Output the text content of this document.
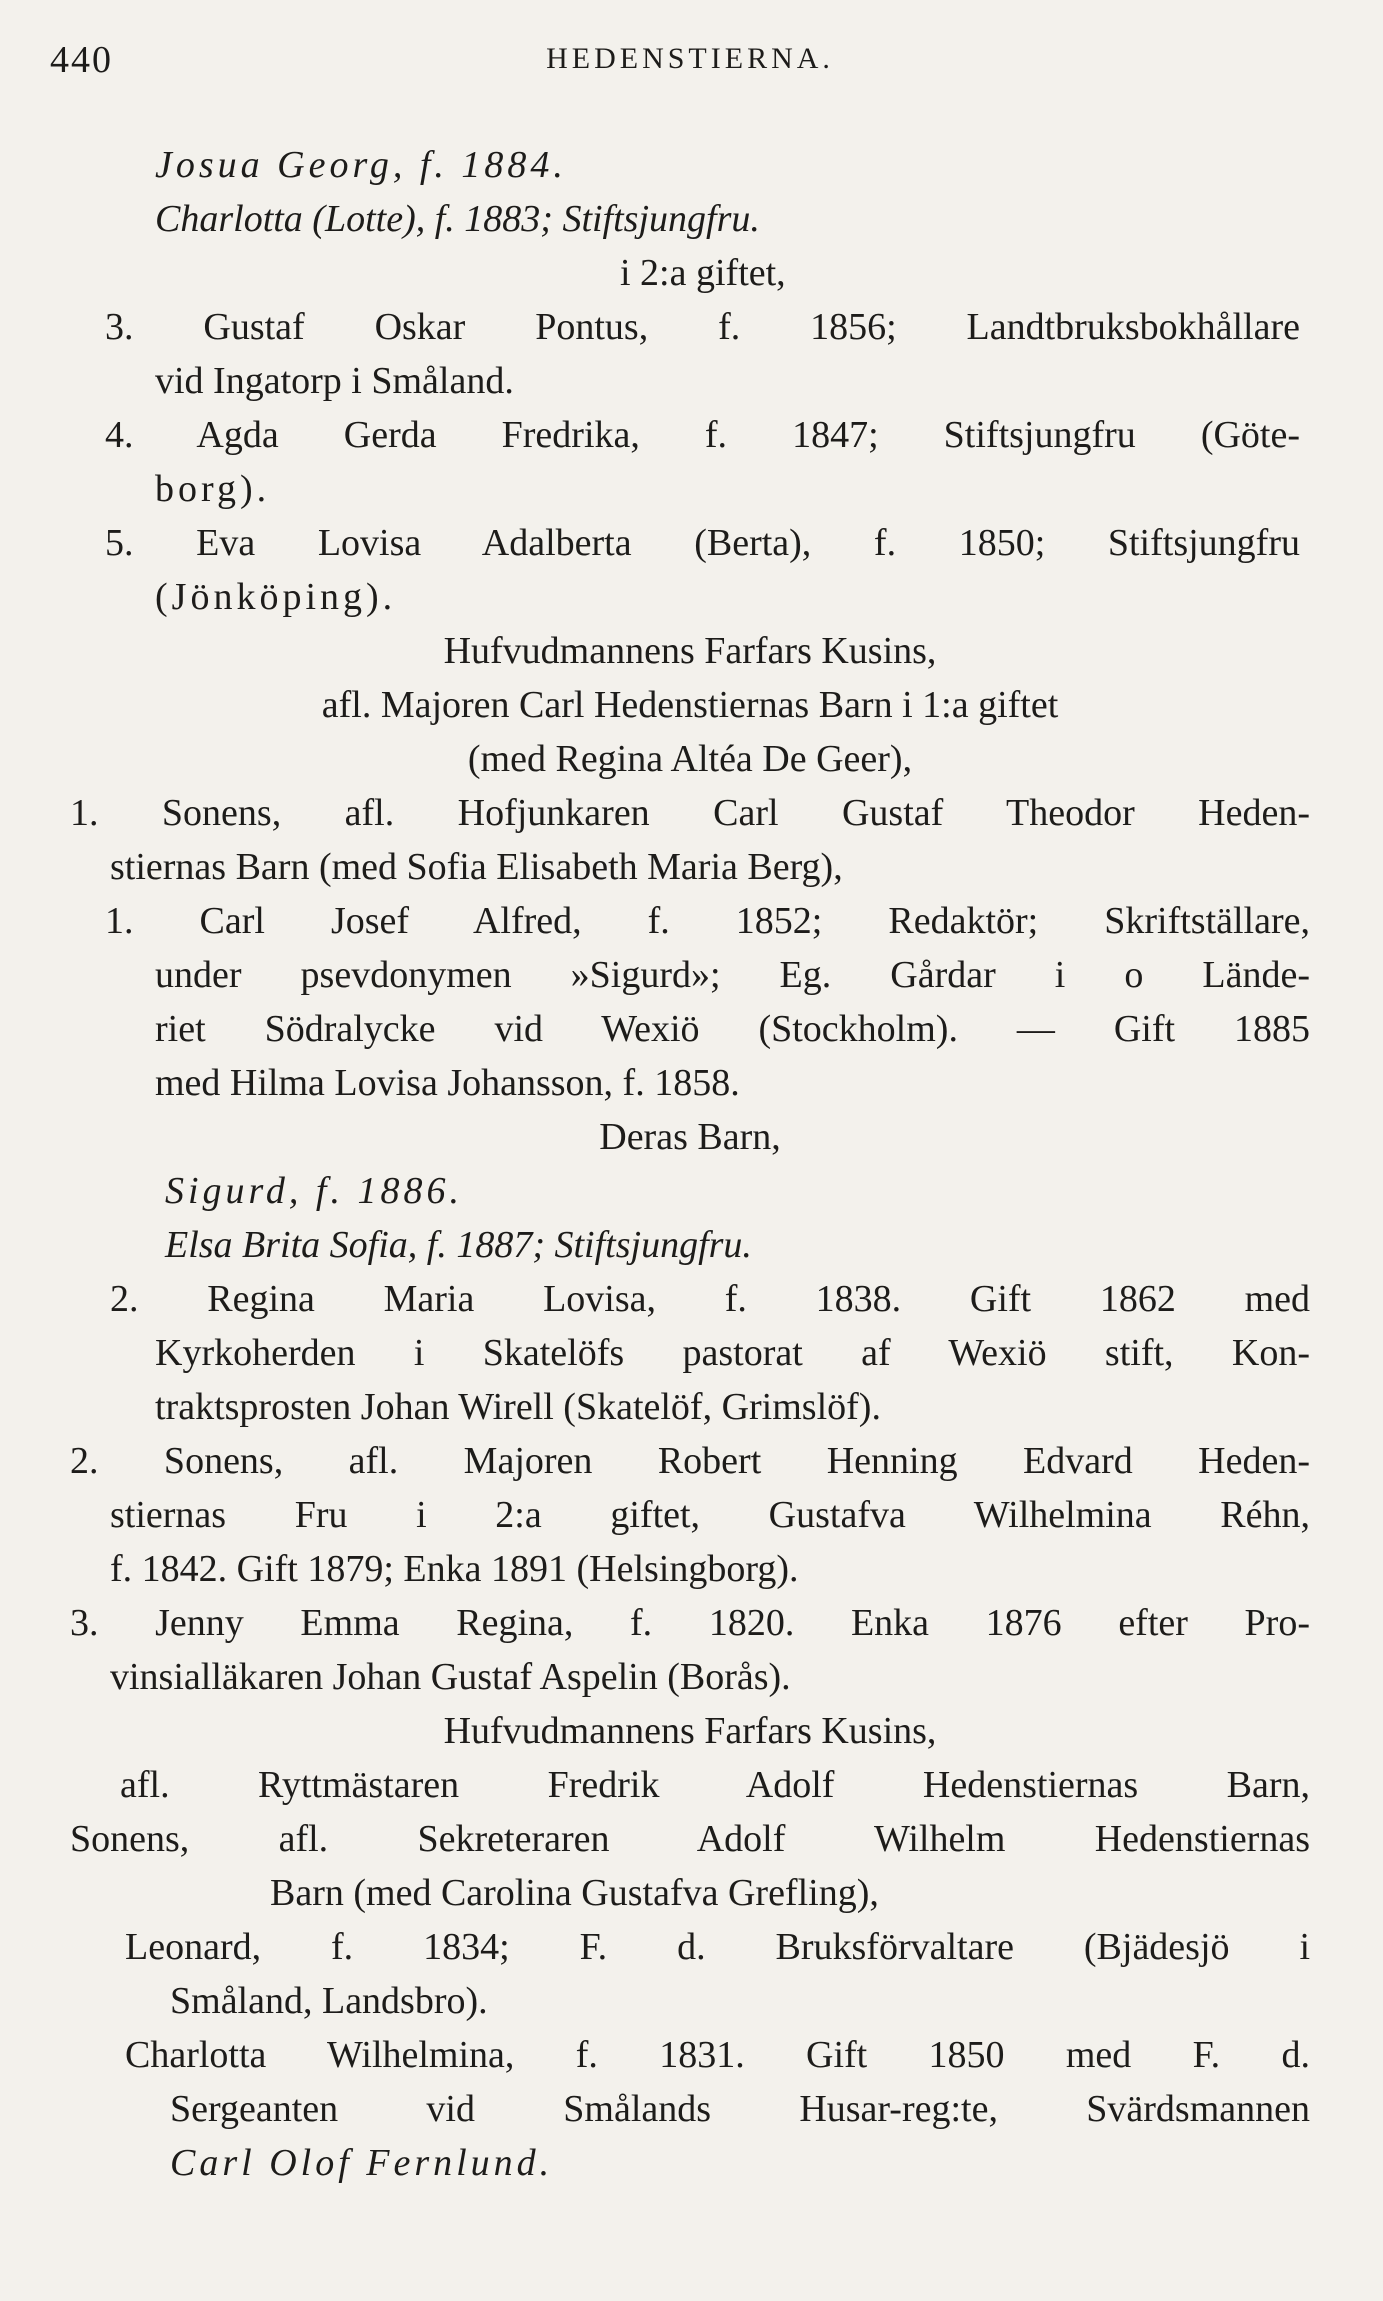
440	HEDENSTIERNA.
Josua Georg, f. 1884.
Charlotta (Lotte), f. 1883; Stiftsjungfru.
i 2:a giftet,
3. Gustaf Oskar Pontus, f. 1856; Landtbruksbokhållare
vid Ingatorp i Småland.
4. Agda Gerda Fredrika, f. 1847; Stiftsjungfru (Göte-
borg).
5. Eva Lovisa Adalberta (Berta), f. 1850; Stiftsjungfru
(Jönköping).
Hufvudmannens Farfars Kusins,
afl. Majoren Carl Hedenstiernas Barn i 1:a giftet
(med Regina Altéa De Geer),
1. Sonens, afl. Hofjunkaren Carl Gustaf Theodor Heden-
stiernas Barn (med Sofia Elisabeth Maria Berg),
1. Carl Josef Alfred, f. 1852; Redaktör; Skriftställare,
under psevdonymen »Sigurd»; Eg. Gårdar i o Lände-
riet Södralycke vid Wexiö (Stockholm). — Gift 1885
med Hilma Lovisa Johansson, f. 1858.
Deras Barn,
Sigurd, f. 1886.
Elsa Brita Sofia, f. 1887; Stiftsjungfru.
2. Regina Maria Lovisa, f. 1838. Gift 1862 med
Kyrkoherden i Skatelöfs pastorat af Wexiö stift, Kon-
traktsprosten Johan Wirell (Skatelöf, Grimslöf).
2. Sonens, afl. Majoren Robert Henning Edvard Heden-
stiernas Fru i 2:a giftet, Gustafva Wilhelmina Réhn,
f. 1842. Gift 1879; Enka 1891 (Helsingborg).
3. Jenny Emma Regina, f. 1820. Enka 1876 efter Pro-
vinsialläkaren Johan Gustaf Aspelin (Borås).
Hufvudmannens Farfars Kusins,
afl. Ryttmästaren Fredrik Adolf Hedenstiernas Barn,
Sonens, afl. Sekreteraren Adolf Wilhelm Hedenstiernas
Barn (med Carolina Gustafva Grefling),
Leonard, f. 1834; F. d. Bruksförvaltare (Bjädesjö i
Småland, Landsbro).
Charlotta Wilhelmina, f. 1831. Gift 1850 med F. d.
Sergeanten vid Smålands Husar-reg:te, Svärdsmannen
Carl Olof Fernlund.
